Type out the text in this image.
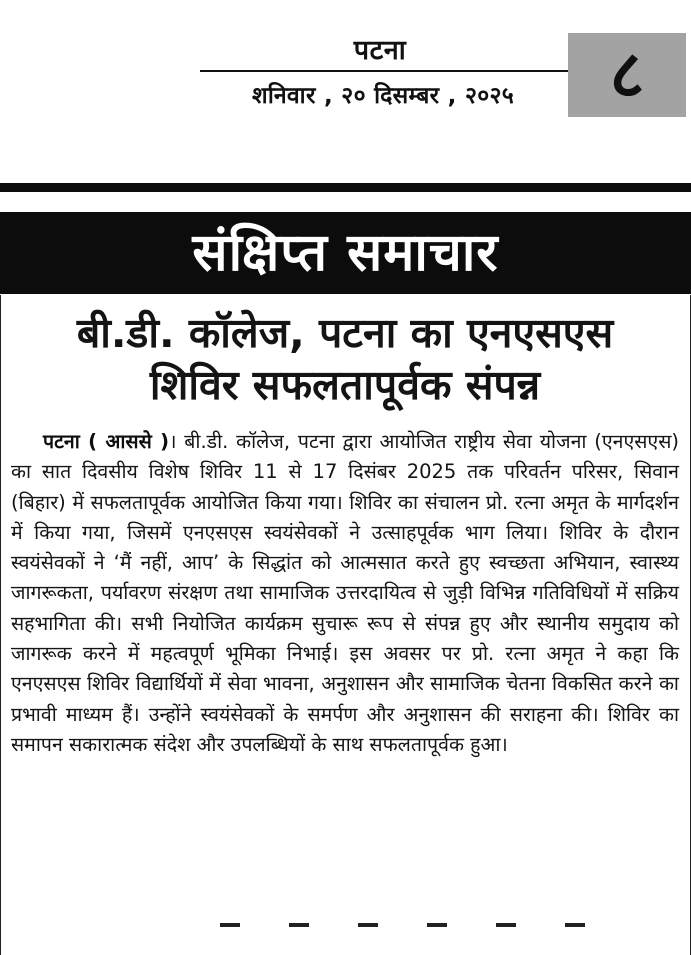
पटना
शनिवार , २० दिसम्बर , २०२५	८
संक्षिप्त समाचार
बी.डी. कॉलेज, पटना का एनएसएस
शिविर सफलतापूर्वक संपन्न

पटना ( आससे )। बी.डी. कॉलेज, पटना द्वारा आयोजित राष्ट्रीय सेवा योजना (एनएसएस) का सात दिवसीय विशेष शिविर 11 से 17 दिसंबर 2025 तक परिवर्तन परिसर, सिवान (बिहार) में सफलतापूर्वक आयोजित किया गया। शिविर का संचालन प्रो. रत्ना अमृत के मार्गदर्शन में किया गया, जिसमें एनएसएस स्वयंसेवकों ने उत्साहपूर्वक भाग लिया। शिविर के दौरान स्वयंसेवकों ने ‘मैं नहीं, आप’ के सिद्धांत को आत्मसात करते हुए स्वच्छता अभियान, स्वास्थ्य जागरूकता, पर्यावरण संरक्षण तथा सामाजिक उत्तरदायित्व से जुड़ी विभिन्न गतिविधियों में सक्रिय सहभागिता की। सभी नियोजित कार्यक्रम सुचारू रूप से संपन्न हुए और स्थानीय समुदाय को जागरूक करने में महत्वपूर्ण भूमिका निभाई। इस अवसर पर प्रो. रत्ना अमृत ने कहा कि एनएसएस शिविर विद्यार्थियों में सेवा भावना, अनुशासन और सामाजिक चेतना विकसित करने का प्रभावी माध्यम हैं। उन्होंने स्वयंसेवकों के समर्पण और अनुशासन की सराहना की। शिविर का समापन सकारात्मक संदेश और उपलब्धियों के साथ सफलतापूर्वक हुआ।
